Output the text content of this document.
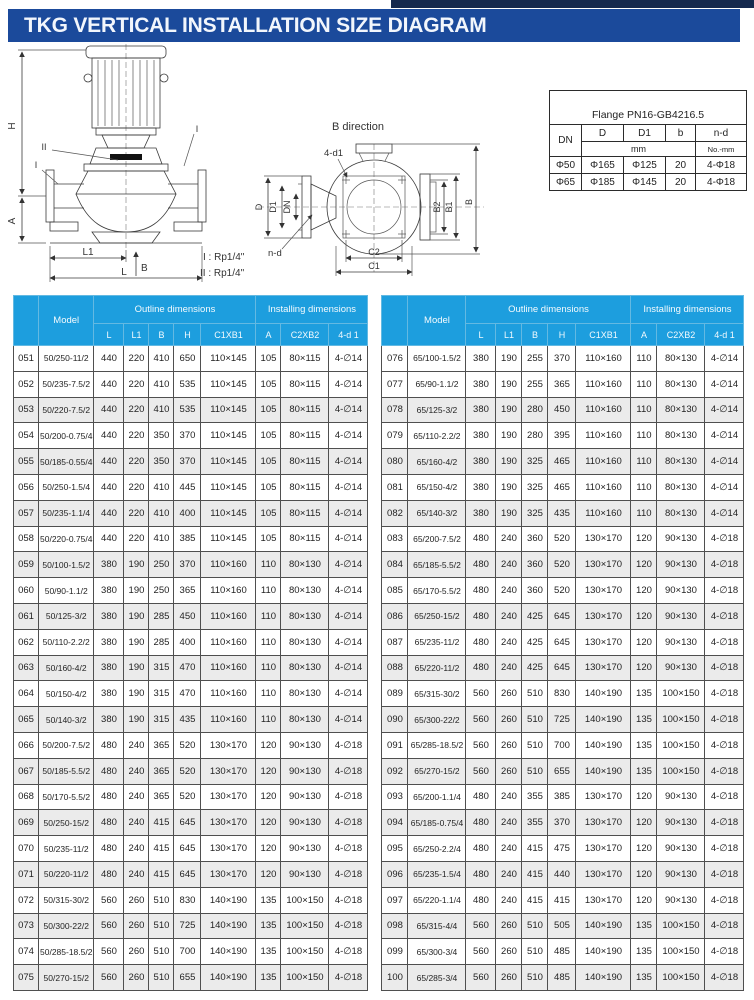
TKG VERTICAL INSTALLATION SIZE DIAGRAM
H
A
L1
L B
II
I
I	B direction
D D1 DN	B2 B1 B
4-d1
n-d	C2
C1
I : Rp1/4"
II : Rp1/4"
Flange PN16-GB4216.5				
DN	D	D1	b	n-d
	mm			No.-mm
Φ50	Φ165	Φ125	20	4-Φ18
Φ65	Φ185	Φ145	20	4-Φ18
	Model	Outline dimensions					Installing dimensions		
		L	L1	B	H	C1XB1	A	C2XB2	4-d 1
051	50/250-11/2	440	220	410	650	110×145	105	80×115	4-∅14
052	50/235-7.5/2	440	220	410	535	110×145	105	80×115	4-∅14
053	50/220-7.5/2	440	220	410	535	110×145	105	80×115	4-∅14
054	50/200-0.75/4	440	220	350	370	110×145	105	80×115	4-∅14
055	50/185-0.55/4	440	220	350	370	110×145	105	80×115	4-∅14
056	50/250-1.5/4	440	220	410	445	110×145	105	80×115	4-∅14
057	50/235-1.1/4	440	220	410	400	110×145	105	80×115	4-∅14
058	50/220-0.75/4	440	220	410	385	110×145	105	80×115	4-∅14
059	50/100-1.5/2	380	190	250	370	110×160	110	80×130	4-∅14
060	50/90-1.1/2	380	190	250	365	110×160	110	80×130	4-∅14
061	50/125-3/2	380	190	285	450	110×160	110	80×130	4-∅14
062	50/110-2.2/2	380	190	285	400	110×160	110	80×130	4-∅14
063	50/160-4/2	380	190	315	470	110×160	110	80×130	4-∅14
064	50/150-4/2	380	190	315	470	110×160	110	80×130	4-∅14
065	50/140-3/2	380	190	315	435	110×160	110	80×130	4-∅14
066	50/200-7.5/2	480	240	365	520	130×170	120	90×130	4-∅18
067	50/185-5.5/2	480	240	365	520	130×170	120	90×130	4-∅18
068	50/170-5.5/2	480	240	365	520	130×170	120	90×130	4-∅18
069	50/250-15/2	480	240	415	645	130×170	120	90×130	4-∅18
070	50/235-11/2	480	240	415	645	130×170	120	90×130	4-∅18
071	50/220-11/2	480	240	415	645	130×170	120	90×130	4-∅18
072	50/315-30/2	560	260	510	830	140×190	135	100×150	4-∅18
073	50/300-22/2	560	260	510	725	140×190	135	100×150	4-∅18
074	50/285-18.5/2	560	260	510	700	140×190	135	100×150	4-∅18
075	50/270-15/2	560	260	510	655	140×190	135	100×150	4-∅18
	Model	Outline dimensions					Installing dimensions		
		L	L1	B	H	C1XB1	A	C2XB2	4-d 1
076	65/100-1.5/2	380	190	255	370	110×160	110	80×130	4-∅14
077	65/90-1.1/2	380	190	255	365	110×160	110	80×130	4-∅14
078	65/125-3/2	380	190	280	450	110×160	110	80×130	4-∅14
079	65/110-2.2/2	380	190	280	395	110×160	110	80×130	4-∅14
080	65/160-4/2	380	190	325	465	110×160	110	80×130	4-∅14
081	65/150-4/2	380	190	325	465	110×160	110	80×130	4-∅14
082	65/140-3/2	380	190	325	435	110×160	110	80×130	4-∅14
083	65/200-7.5/2	480	240	360	520	130×170	120	90×130	4-∅18
084	65/185-5.5/2	480	240	360	520	130×170	120	90×130	4-∅18
085	65/170-5.5/2	480	240	360	520	130×170	120	90×130	4-∅18
086	65/250-15/2	480	240	425	645	130×170	120	90×130	4-∅18
087	65/235-11/2	480	240	425	645	130×170	120	90×130	4-∅18
088	65/220-11/2	480	240	425	645	130×170	120	90×130	4-∅18
089	65/315-30/2	560	260	510	830	140×190	135	100×150	4-∅18
090	65/300-22/2	560	260	510	725	140×190	135	100×150	4-∅18
091	65/285-18.5/2	560	260	510	700	140×190	135	100×150	4-∅18
092	65/270-15/2	560	260	510	655	140×190	135	100×150	4-∅18
093	65/200-1.1/4	480	240	355	385	130×170	120	90×130	4-∅18
094	65/185-0.75/4	480	240	355	370	130×170	120	90×130	4-∅18
095	65/250-2.2/4	480	240	415	475	130×170	120	90×130	4-∅18
096	65/235-1.5/4	480	240	415	440	130×170	120	90×130	4-∅18
097	65/220-1.1/4	480	240	415	415	130×170	120	90×130	4-∅18
098	65/315-4/4	560	260	510	505	140×190	135	100×150	4-∅18
099	65/300-3/4	560	260	510	485	140×190	135	100×150	4-∅18
100	65/285-3/4	560	260	510	485	140×190	135	100×150	4-∅18
